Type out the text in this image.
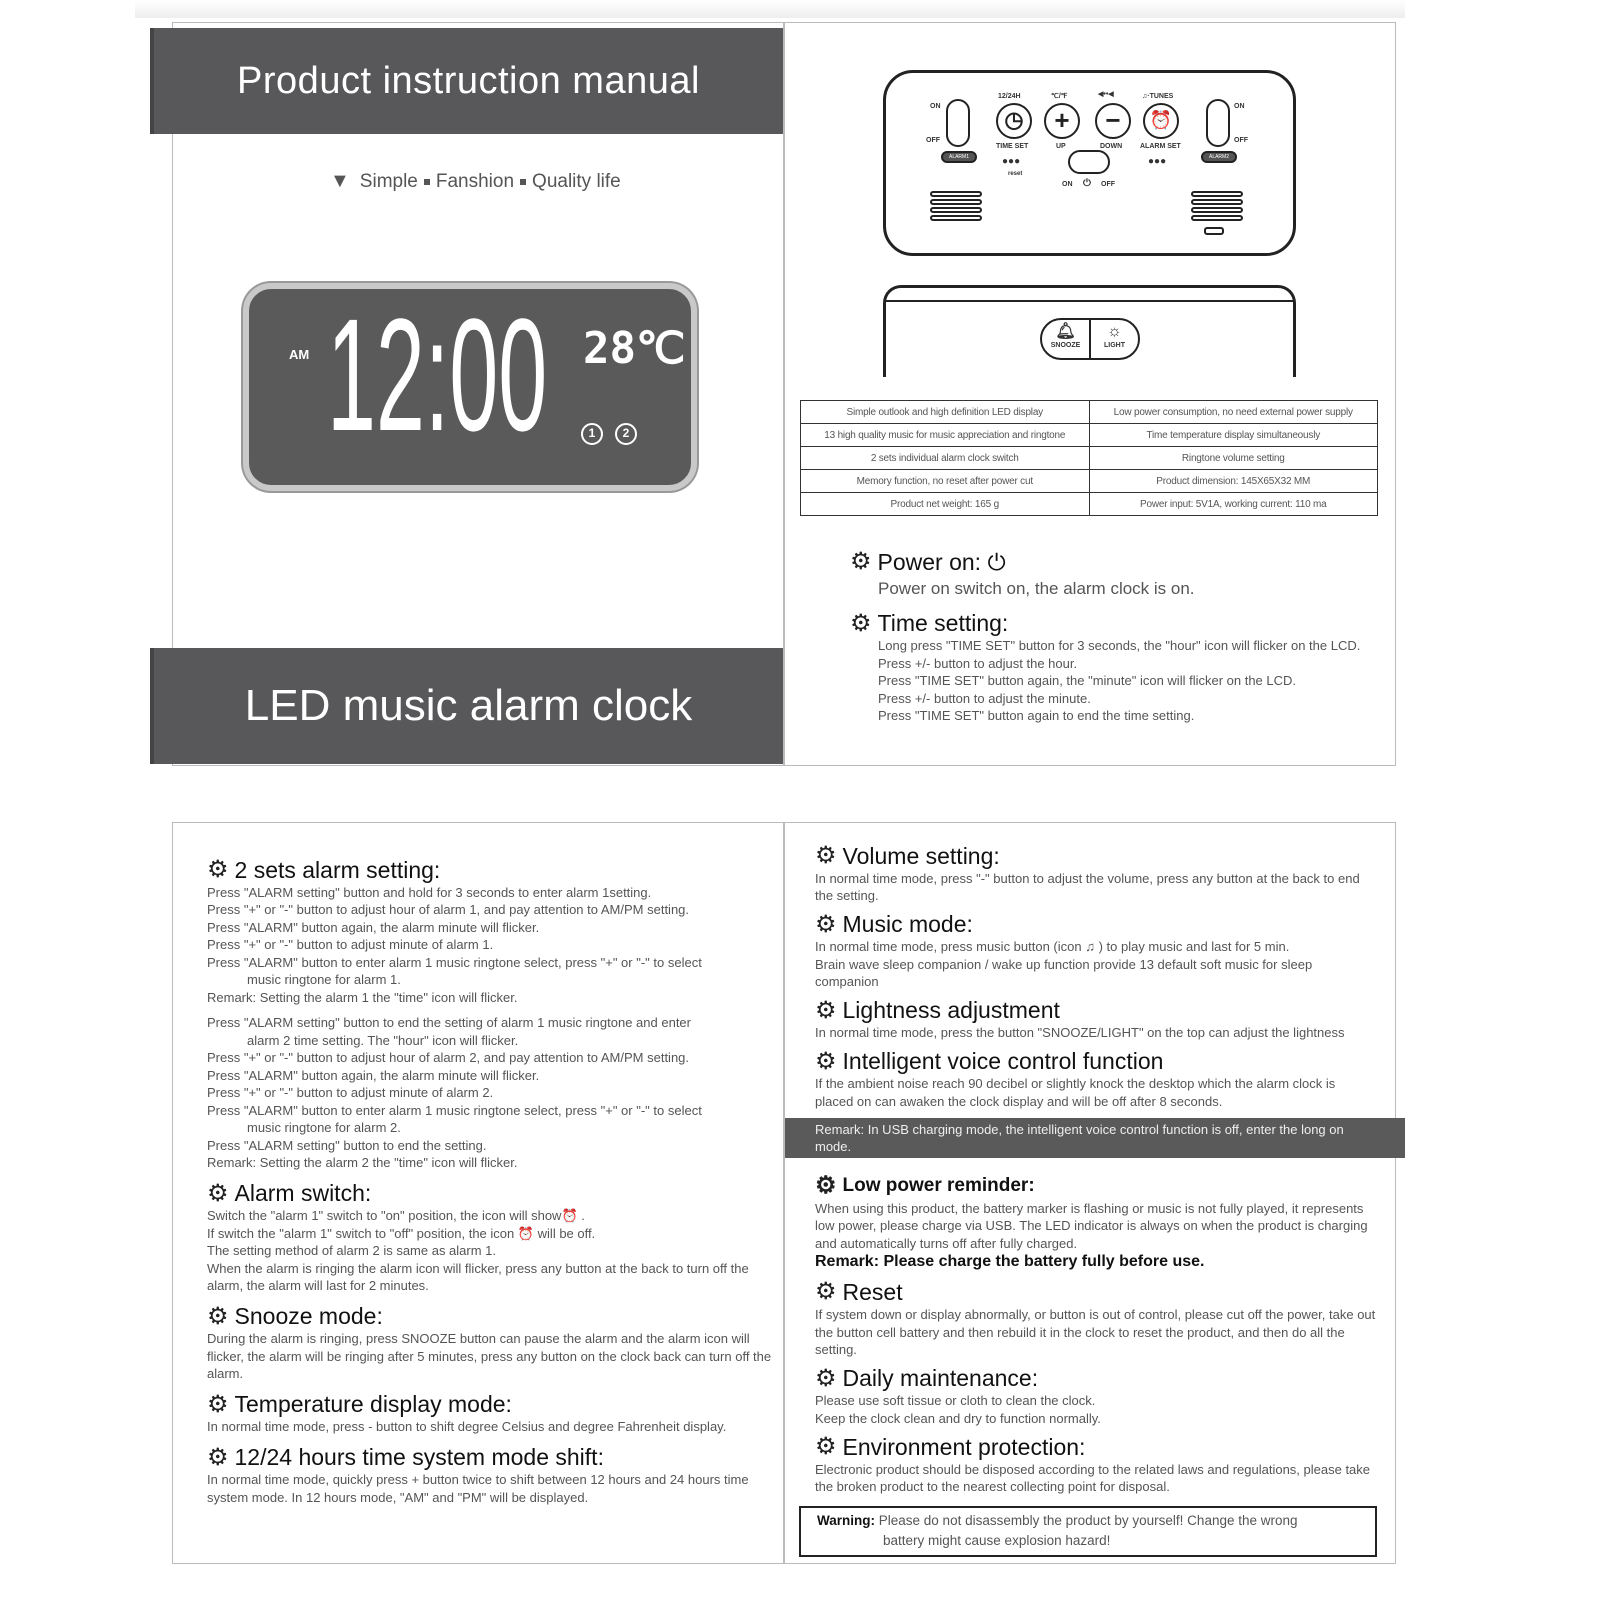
Product instruction manual
▼ Simple Fanshion Quality life
AM 12:00 28℃
1	2
LED music alarm clock
ON
OFF
ALARM1
12/24H
◷
TIME SET
℃/℉
+
UP
◀••◀
−
DOWN
♫·TUNES
⏰
ALARM SET
●●●
reset
ON ⏻ OFF
●●●
ON
OFF
ALARM2
🔔︎
SNOOZE
☼
LIGHT
Simple outlook and high definition LED display	Low power consumption, no need external power supply
13 high quality music for music appreciation and ringtone	Time temperature display simultaneously
2 sets individual alarm clock switch	Ringtone volume setting
Memory function, no reset after power cut	Product dimension: 145X65X32 MM
Product net weight: 165 g	Power input: 5V1A, working current: 110 ma
⚙ Power on: ⏻

Power on switch on, the alarm clock is on.

⚙ Time setting:

Long press "TIME SET" button for 3 seconds, the "hour" icon will flicker on the LCD. Press +/- button to adjust the hour.

Press "TIME SET" button again, the "minute" icon will flicker on the LCD.

Press +/- button to adjust the minute.

Press "TIME SET" button again to end the time setting.

⚙ 2 sets alarm setting:

Press "ALARM setting" button and hold for 3 seconds to enter alarm 1setting.

Press "+" or "-" button to adjust hour of alarm 1, and pay attention to AM/PM setting.

Press "ALARM" button again, the alarm minute will flicker.

Press "+" or "-" button to adjust minute of alarm 1.

Press "ALARM" button to enter alarm 1 music ringtone select, press "+" or "-" to select

music ringtone for alarm 1.

Remark: Setting the alarm 1 the "time" icon will flicker.

Press "ALARM setting" button to end the setting of alarm 1 music ringtone and enter

alarm 2 time setting. The "hour" icon will flicker.

Press "+" or "-" button to adjust hour of alarm 2, and pay attention to AM/PM setting.

Press "ALARM" button again, the alarm minute will flicker.

Press "+" or "-" button to adjust minute of alarm 2.

Press "ALARM" button to enter alarm 1 music ringtone select, press "+" or "-" to select

music ringtone for alarm 2.

Press "ALARM setting" button to end the setting.

Remark: Setting the alarm 2 the "time" icon will flicker.

⚙ Alarm switch:

Switch the "alarm 1" switch to "on" position, the icon will show⏰ .

If switch the "alarm 1" switch to "off" position, the icon ⏰ will be off.

The setting method of alarm 2 is same as alarm 1.

When the alarm is ringing the alarm icon will flicker, press any button at the back to turn off the alarm, the alarm will last for 2 minutes.

⚙ Snooze mode:

During the alarm is ringing, press SNOOZE button can pause the alarm and the alarm icon will flicker, the alarm will be ringing after 5 minutes, press any button on the clock back can turn off the alarm.

⚙ Temperature display mode:

In normal time mode, press - button to shift degree Celsius and degree Fahrenheit display.

⚙ 12/24 hours time system mode shift:

In normal time mode, quickly press + button twice to shift between 12 hours and 24 hours time system mode. In 12 hours mode, "AM" and "PM" will be displayed.

⚙ Volume setting:

In normal time mode, press "-" button to adjust the volume, press any button at the back to end the setting.

⚙ Music mode:

In normal time mode, press music button (icon ♫ ) to play music and last for 5 min.

Brain wave sleep companion / wake up function provide 13 default soft music for sleep companion

⚙ Lightness adjustment

In normal time mode, press the button "SNOOZE/LIGHT" on the top can adjust the lightness

⚙ Intelligent voice control function

If the ambient noise reach 90 decibel or slightly knock the desktop which the alarm clock is placed on can awaken the clock display and will be off after 8 seconds.

Remark: In USB charging mode, the intelligent voice control function is off, enter the long on mode.
⚙ Low power reminder:

When using this product, the battery marker is flashing or music is not fully played, it represents low power, please charge via USB. The LED indicator is always on when the product is charging and automatically turns off after fully charged.

Remark: Please charge the battery fully before use.

⚙ Reset

If system down or display abnormally, or button is out of control, please cut off the power, take out the button cell battery and then rebuild it in the clock to reset the product, and then do all the setting.

⚙ Daily maintenance:

Please use soft tissue or cloth to clean the clock.

Keep the clock clean and dry to function normally.

⚙ Environment protection:

Electronic product should be disposed according to the related laws and regulations, please take the broken product to the nearest collecting point for disposal.

Warning: Please do not disassembly the product by yourself! Change the wrong
battery might cause explosion hazard!
